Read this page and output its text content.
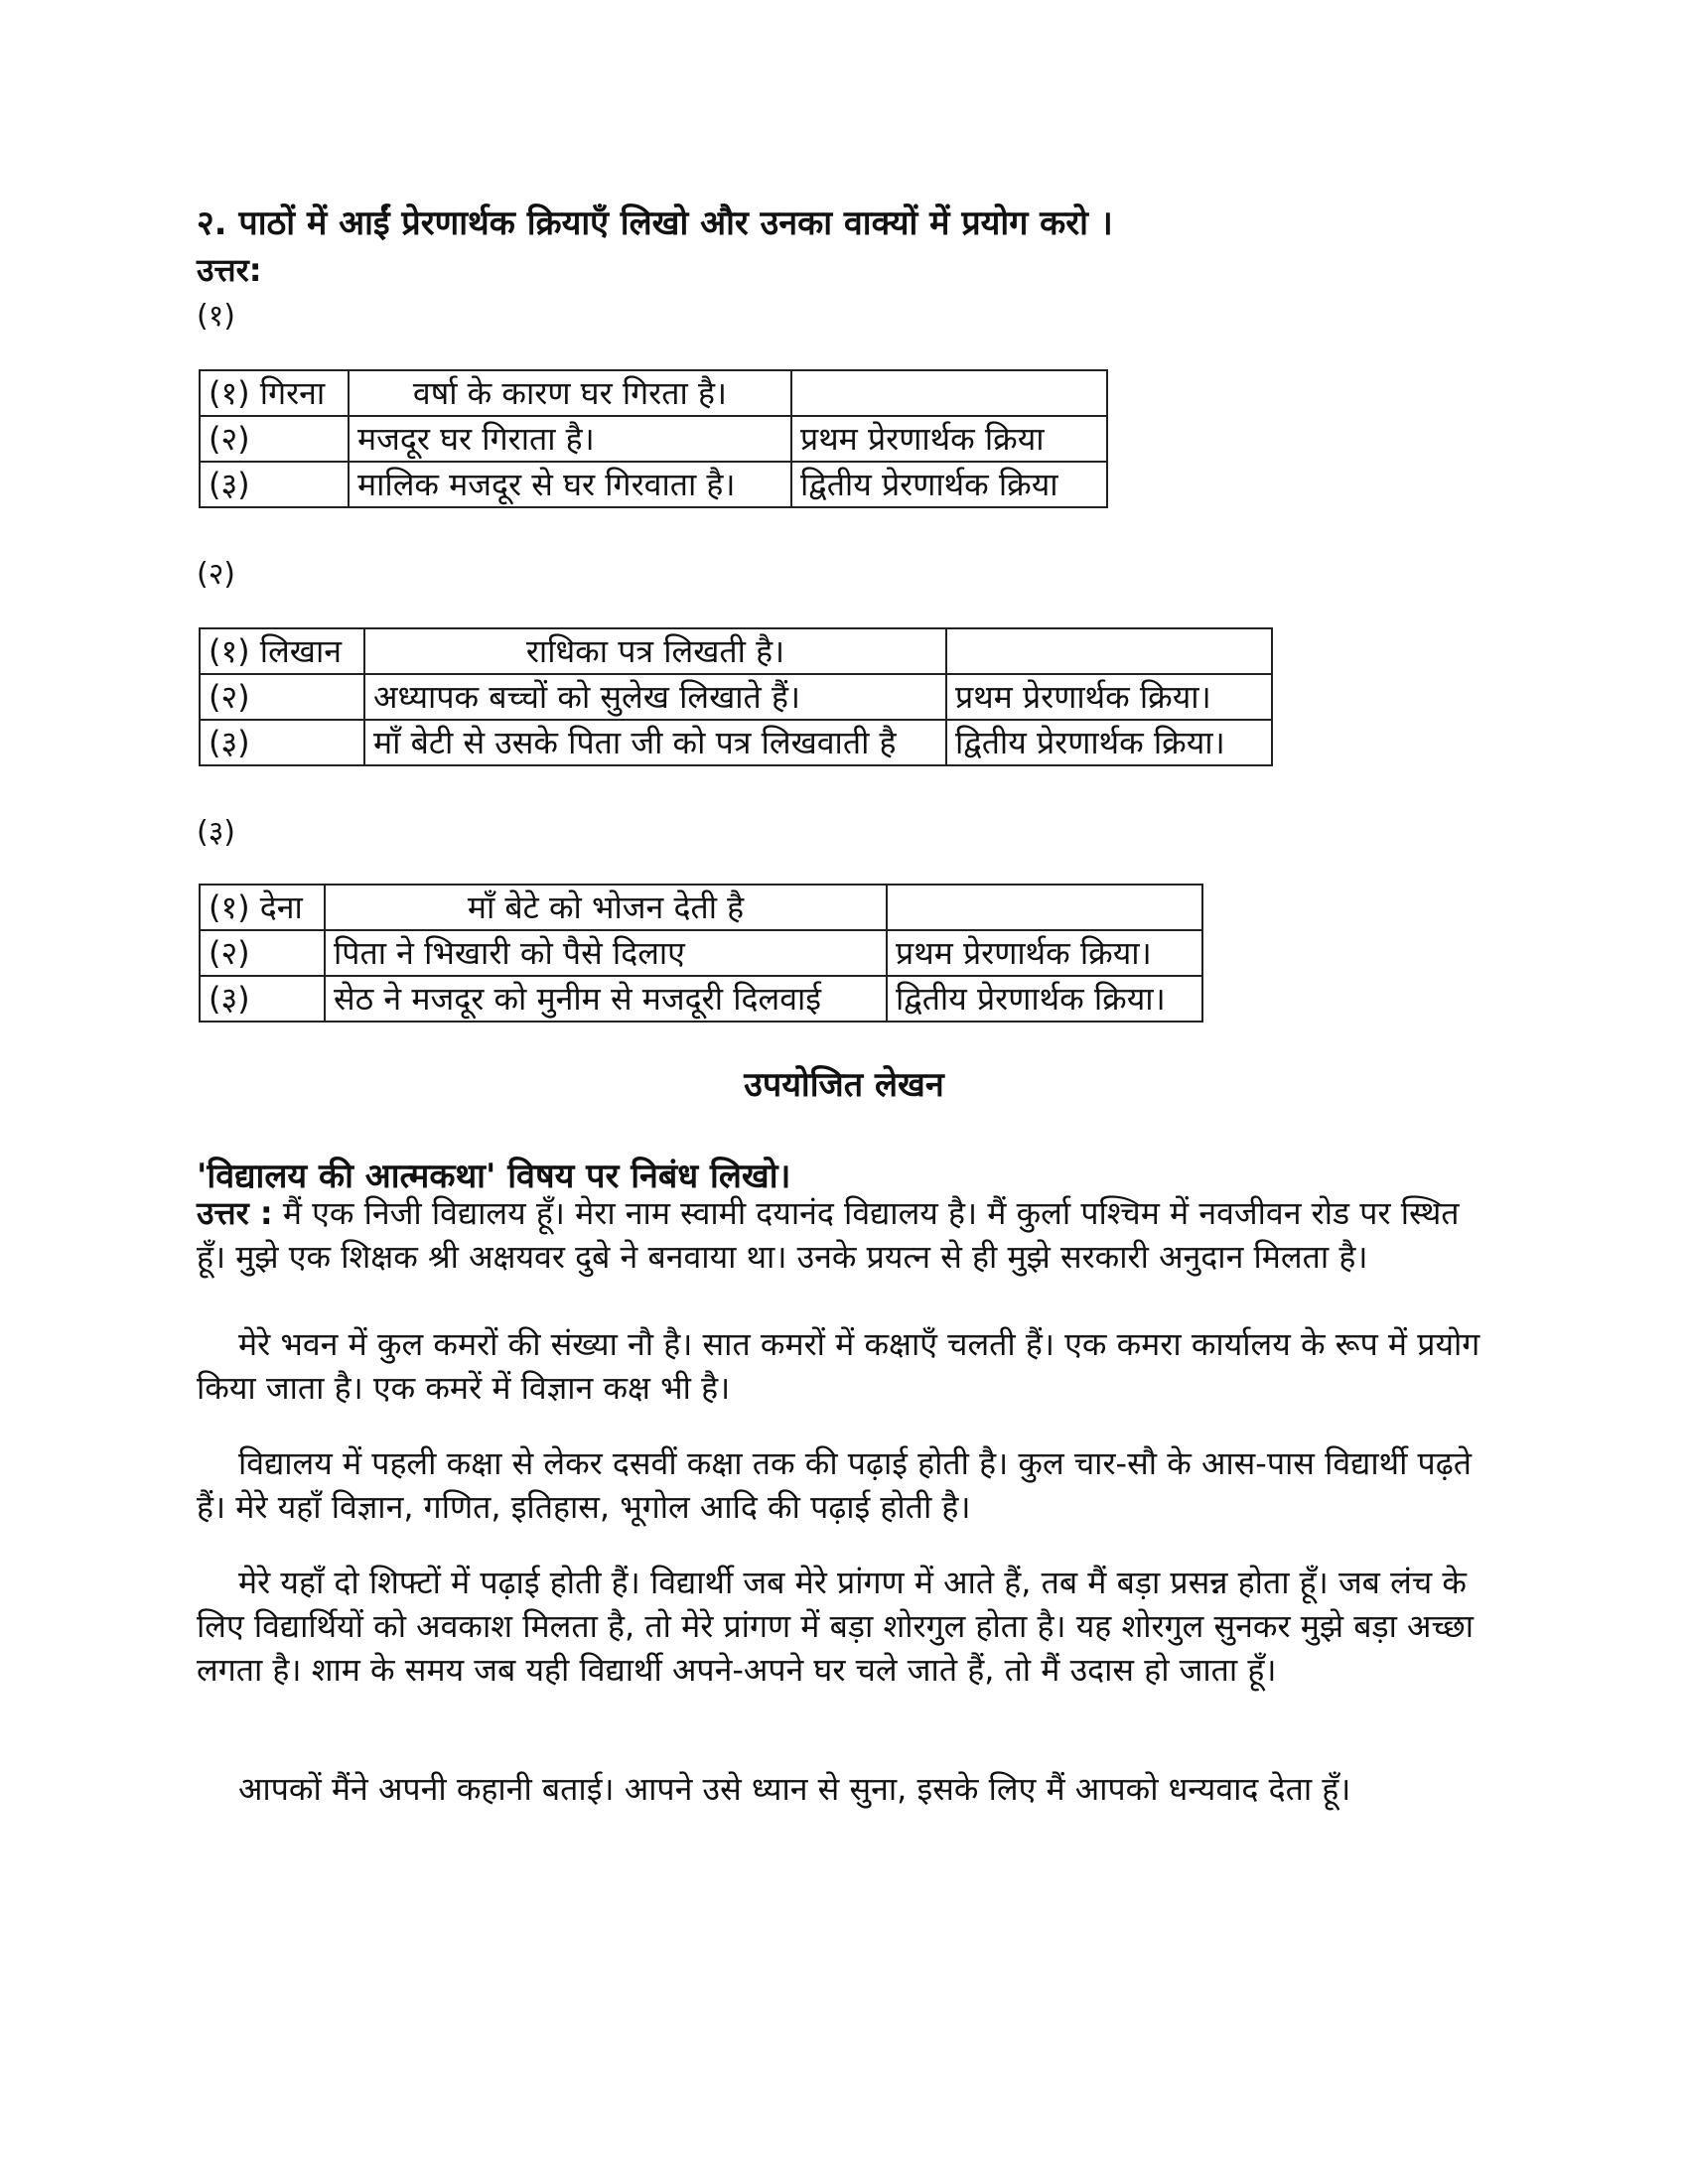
२. पाठों में आईं प्रेरणार्थक क्रियाएँ लिखो और उनका वाक्यों में प्रयोग करो ।
उत्तर:
(१)
(१) गिरना	वर्षा के कारण घर गिरता है।	
(२)	मजदूर घर गिराता है।	प्रथम प्रेरणार्थक क्रिया
(३)	मालिक मजदूर से घर गिरवाता है।	द्वितीय प्रेरणार्थक क्रिया
(२)
(१) लिखान	राधिका पत्र लिखती है।	
(२)	अध्यापक बच्चों को सुलेख लिखाते हैं।	प्रथम प्रेरणार्थक क्रिया।
(३)	माँ बेटी से उसके पिता जी को पत्र लिखवाती है	द्वितीय प्रेरणार्थक क्रिया।
(३)
(१) देना	माँ बेटे को भोजन देती है	
(२)	पिता ने भिखारी को पैसे दिलाए	प्रथम प्रेरणार्थक क्रिया।
(३)	सेठ ने मजदूर को मुनीम से मजदूरी दिलवाई	द्वितीय प्रेरणार्थक क्रिया।
उपयोजित लेखन
'विद्यालय की आत्मकथा' विषय पर निबंध लिखो।

उत्तर : मैं एक निजी विद्यालय हूँ। मेरा नाम स्वामी दयानंद विद्यालय है। मैं कुर्ला पश्चिम में नवजीवन रोड पर स्थित हूँ। मुझे एक शिक्षक श्री अक्षयवर दुबे ने बनवाया था। उनके प्रयत्न से ही मुझे सरकारी अनुदान मिलता है।

मेरे भवन में कुल कमरों की संख्या नौ है। सात कमरों में कक्षाएँ चलती हैं। एक कमरा कार्यालय के रूप में प्रयोग किया जाता है। एक कमरें में विज्ञान कक्ष भी है।

विद्यालय में पहली कक्षा से लेकर दसवीं कक्षा तक की पढ़ाई होती है। कुल चार-सौ के आस-पास विद्यार्थी पढ़ते हैं। मेरे यहाँ विज्ञान, गणित, इतिहास, भूगोल आदि की पढ़ाई होती है।

मेरे यहाँ दो शिफ्टों में पढ़ाई होती हैं। विद्यार्थी जब मेरे प्रांगण में आते हैं, तब मैं बड़ा प्रसन्न होता हूँ। जब लंच के लिए विद्यार्थियों को अवकाश मिलता है, तो मेरे प्रांगण में बड़ा शोरगुल होता है। यह शोरगुल सुनकर मुझे बड़ा अच्छा लगता है। शाम के समय जब यही विद्यार्थी अपने-अपने घर चले जाते हैं, तो मैं उदास हो जाता हूँ।

आपकों मैंने अपनी कहानी बताई। आपने उसे ध्यान से सुना, इसके लिए मैं आपको धन्यवाद देता हूँ।
